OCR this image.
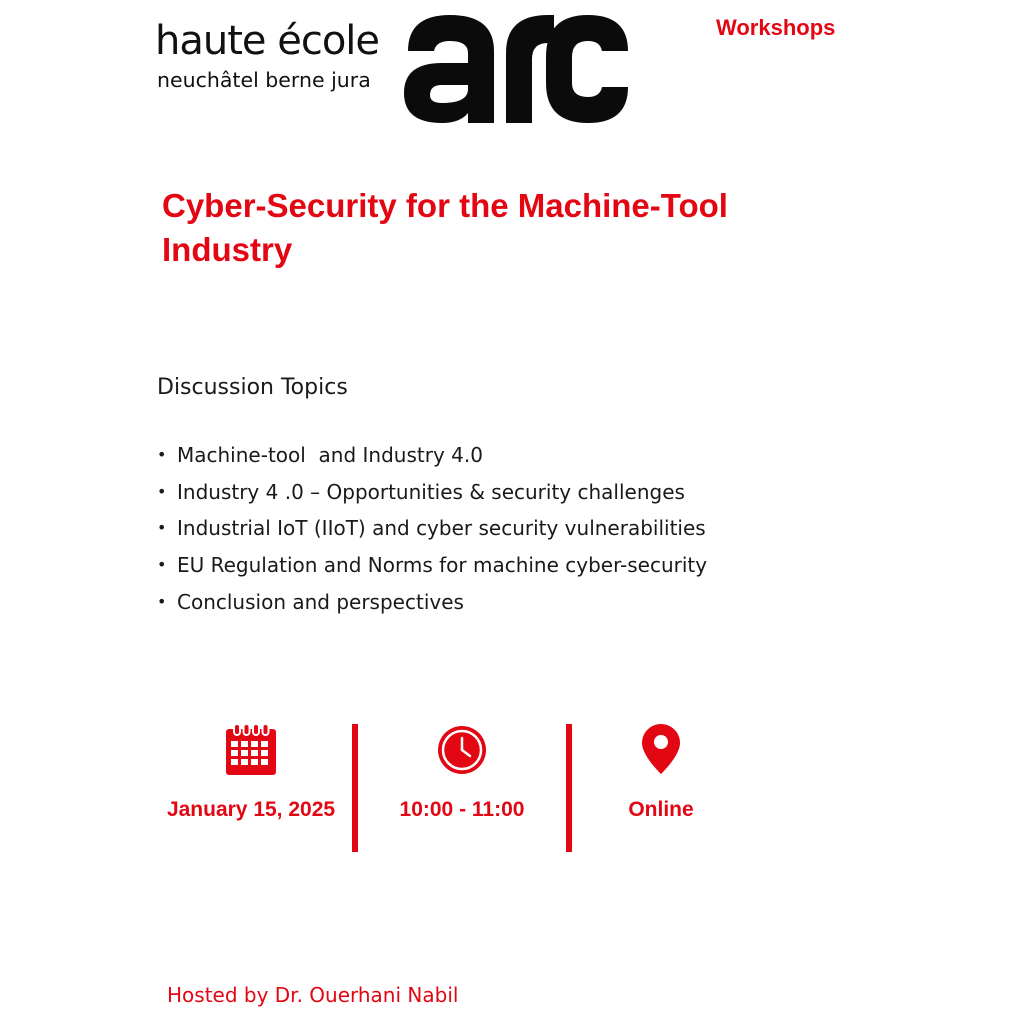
haute école
neuchâtel berne jura
Workshops
Cyber-Security for the Machine-Tool Industry
Discussion Topics
• Machine-tool  and Industry 4.0
• Industry 4 .0 – Opportunities & security challenges
• Industrial IoT (IIoT) and cyber security vulnerabilities
• EU Regulation and Norms for machine cyber-security
• Conclusion and perspectives
January 15, 2025	10:00 - 11:00	Online
Hosted by Dr. Ouerhani Nabil
